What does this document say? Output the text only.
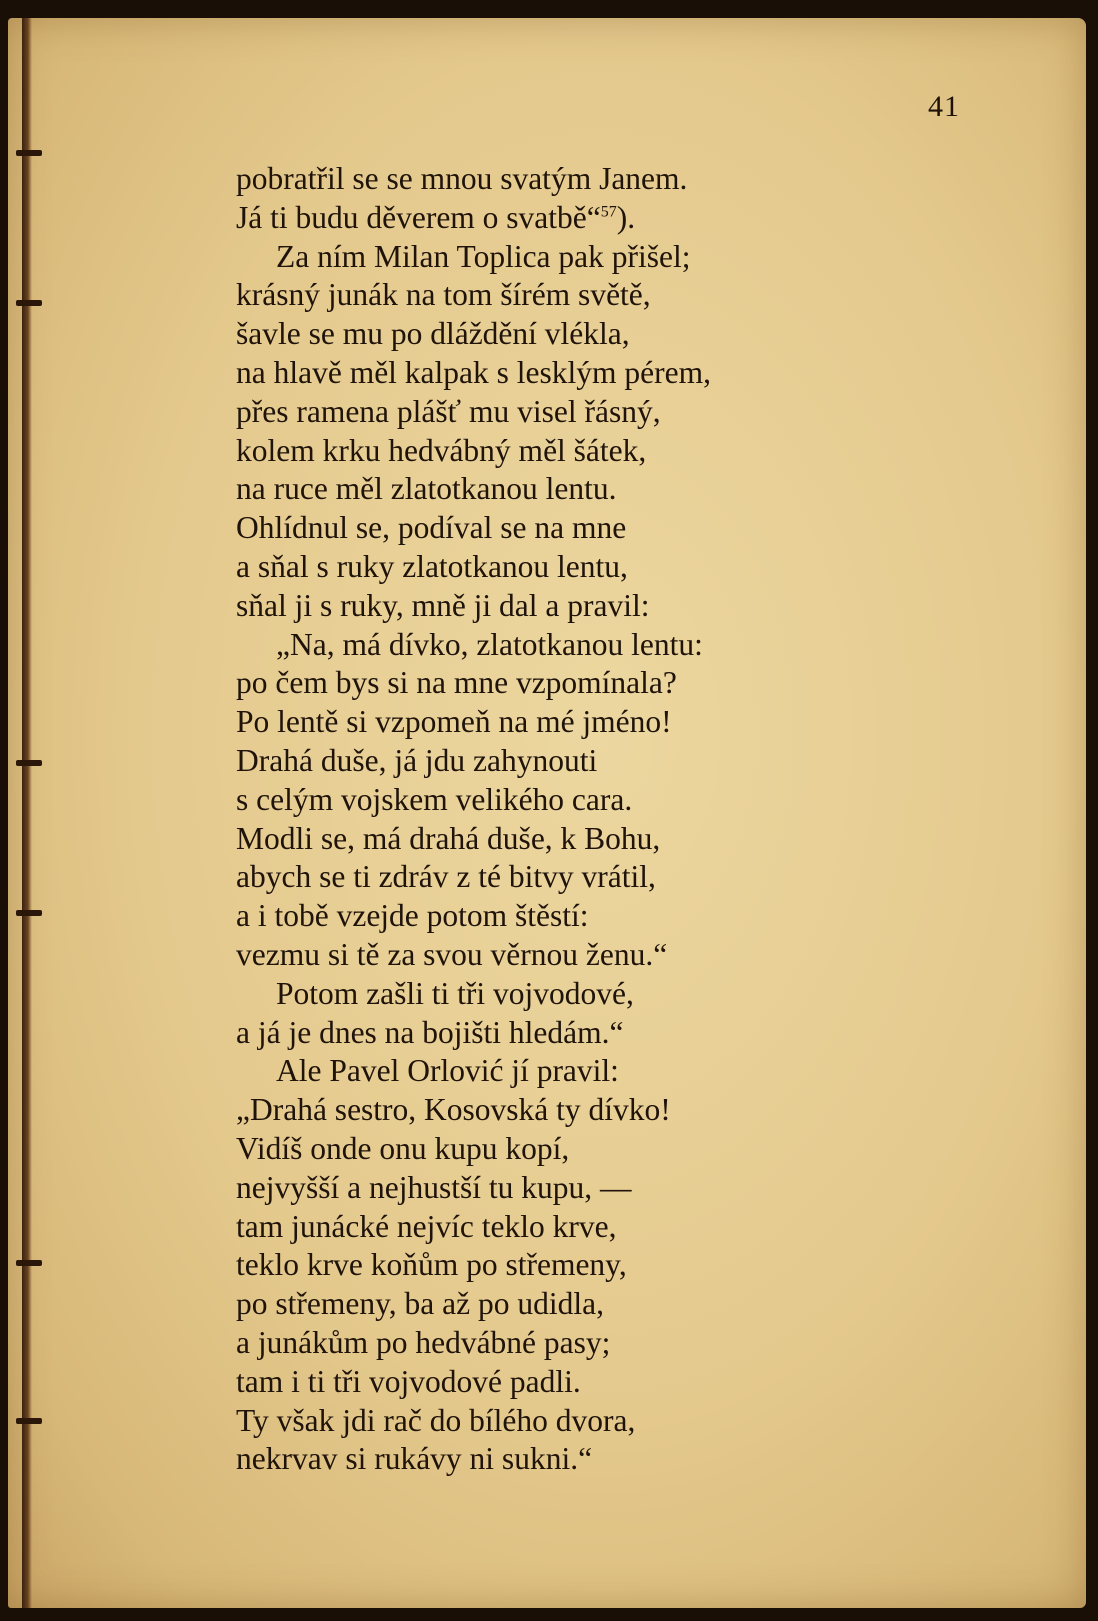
41
pobratřil se se mnou svatým Janem.
Já ti budu děverem o svatbě“$^{57}$).
Za ním Milan Toplica pak přišel;
krásný junák na tom šírém světě,
šavle se mu po dláždění vlékla,
na hlavě měl kalpak s lesklým pérem,
přes ramena plášť mu visel řásný,
kolem krku hedvábný měl šátek,
na ruce měl zlatotkanou lentu.
Ohlídnul se, podíval se na mne
a sňal s ruky zlatotkanou lentu,
sňal ji s ruky, mně ji dal a pravil:
„Na, má dívko, zlatotkanou lentu:
po čem bys si na mne vzpomínala?
Po lentě si vzpomeň na mé jméno!
Drahá duše, já jdu zahynouti
s celým vojskem velikého cara.
Modli se, má drahá duše, k Bohu,
abych se ti zdráv z té bitvy vrátil,
a i tobě vzejde potom štěstí:
vezmu si tě za svou věrnou ženu.“
Potom zašli ti tři vojvodové,
a já je dnes na bojišti hledám.“
Ale Pavel Orlović jí pravil:
„Drahá sestro, Kosovská ty dívko!
Vidíš onde onu kupu kopí,
nejvyšší a nejhustší tu kupu, —
tam junácké nejvíc teklo krve,
teklo krve koňům po střemeny,
po střemeny, ba až po udidla,
a junákům po hedvábné pasy;
tam i ti tři vojvodové padli.
Ty však jdi rač do bílého dvora,
nekrvav si rukávy ni sukni.“
